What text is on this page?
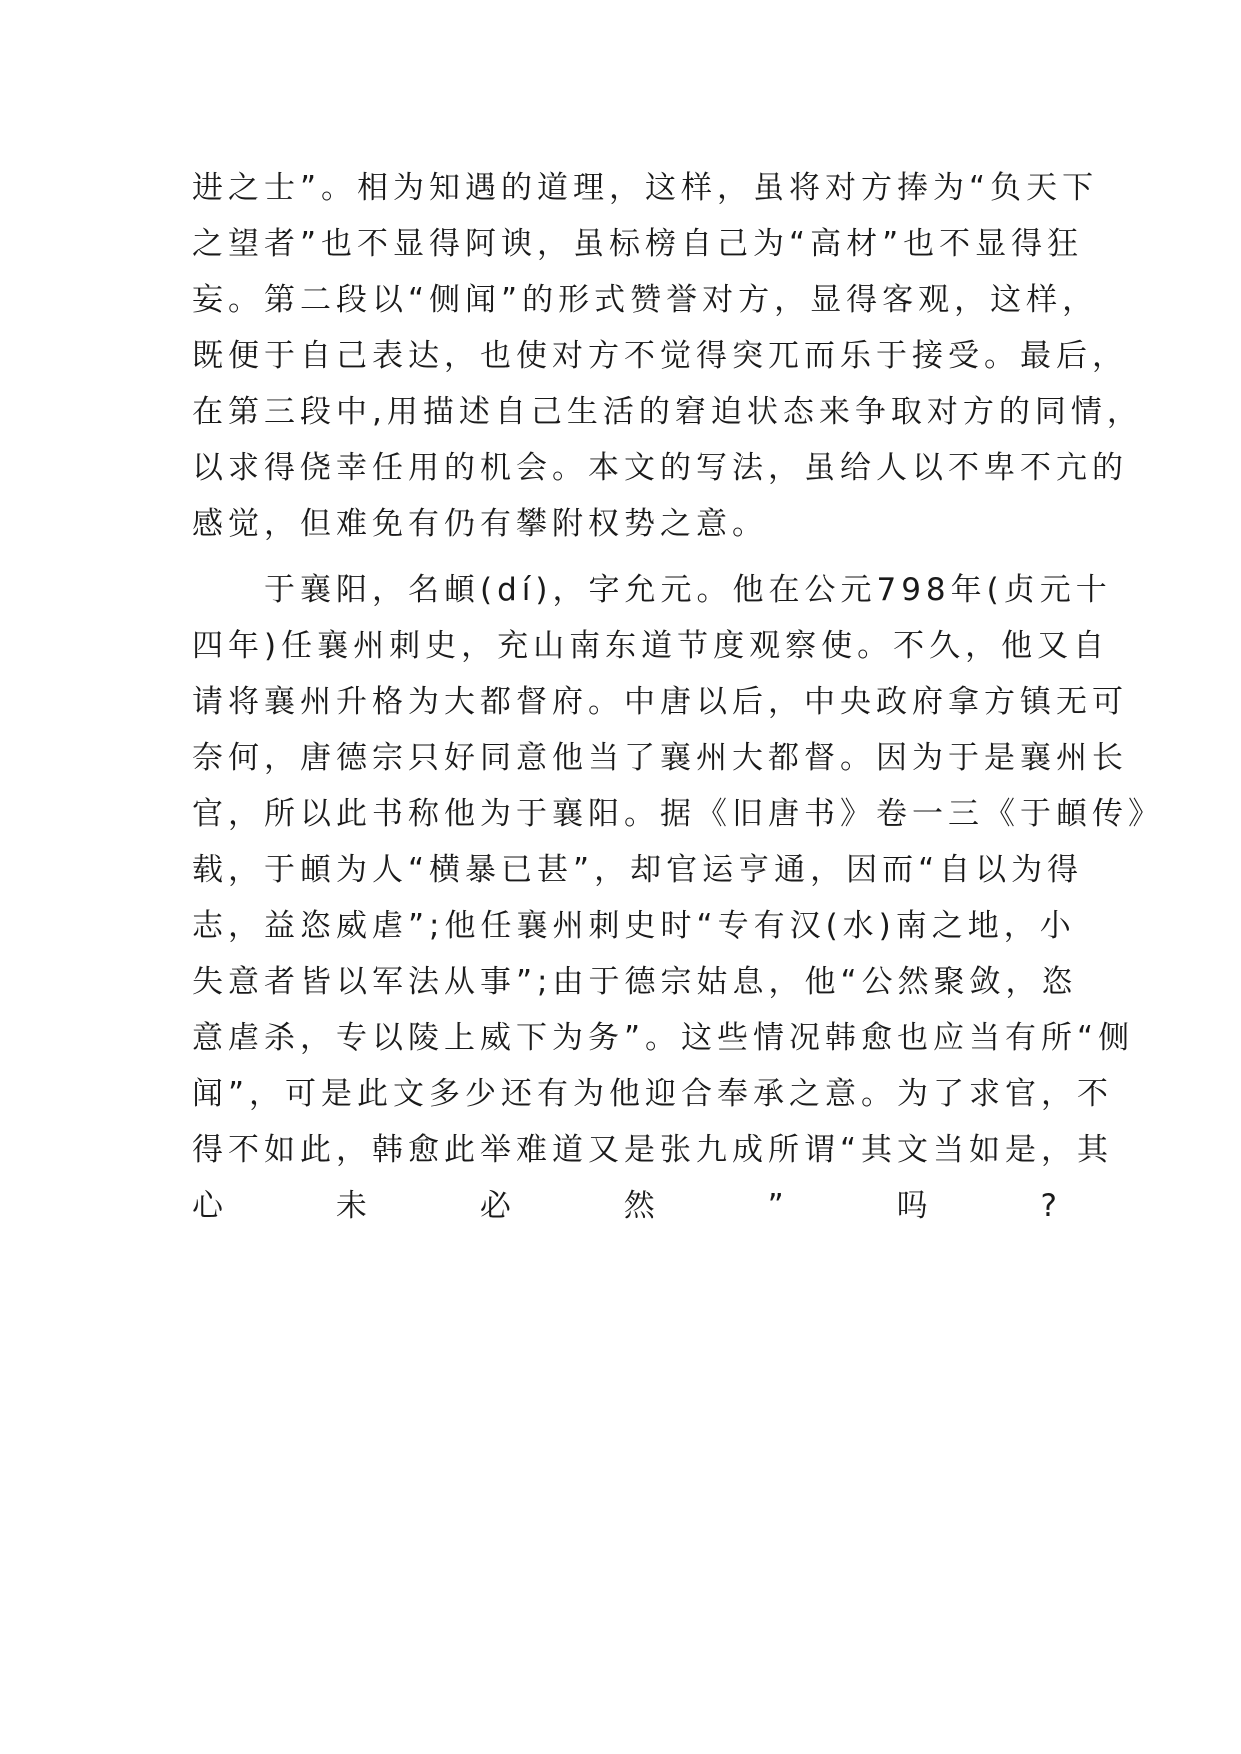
进之士”。相为知遇的道理，这样，虽将对方捧为“负天下
之望者”也不显得阿谀，虽标榜自己为“高材”也不显得狂
妄。第二段以“侧闻”的形式赞誉对方，显得客观，这样，
既便于自己表达，也使对方不觉得突兀而乐于接受。最后，
在第三段中,用描述自己生活的窘迫状态来争取对方的同情，
以求得侥幸任用的机会。本文的写法，虽给人以不卑不亢的
感觉，但难免有仍有攀附权势之意。
　　于襄阳，名頔(dí)，字允元。他在公元798年(贞元十
四年)任襄州刺史，充山南东道节度观察使。不久，他又自
请将襄州升格为大都督府。中唐以后，中央政府拿方镇无可
奈何，唐德宗只好同意他当了襄州大都督。因为于是襄州长
官，所以此书称他为于襄阳。据《旧唐书》卷一三《于頔传》
载，于頔为人“横暴已甚”，却官运亨通，因而“自以为得
志，益恣威虐”;他任襄州刺史时“专有汉(水)南之地，小
失意者皆以军法从事”;由于德宗姑息，他“公然聚敛，恣
意虐杀，专以陵上威下为务”。这些情况韩愈也应当有所“侧
闻”，可是此文多少还有为他迎合奉承之意。为了求官，不
得不如此，韩愈此举难道又是张九成所谓“其文当如是，其
心未必然”吗?
